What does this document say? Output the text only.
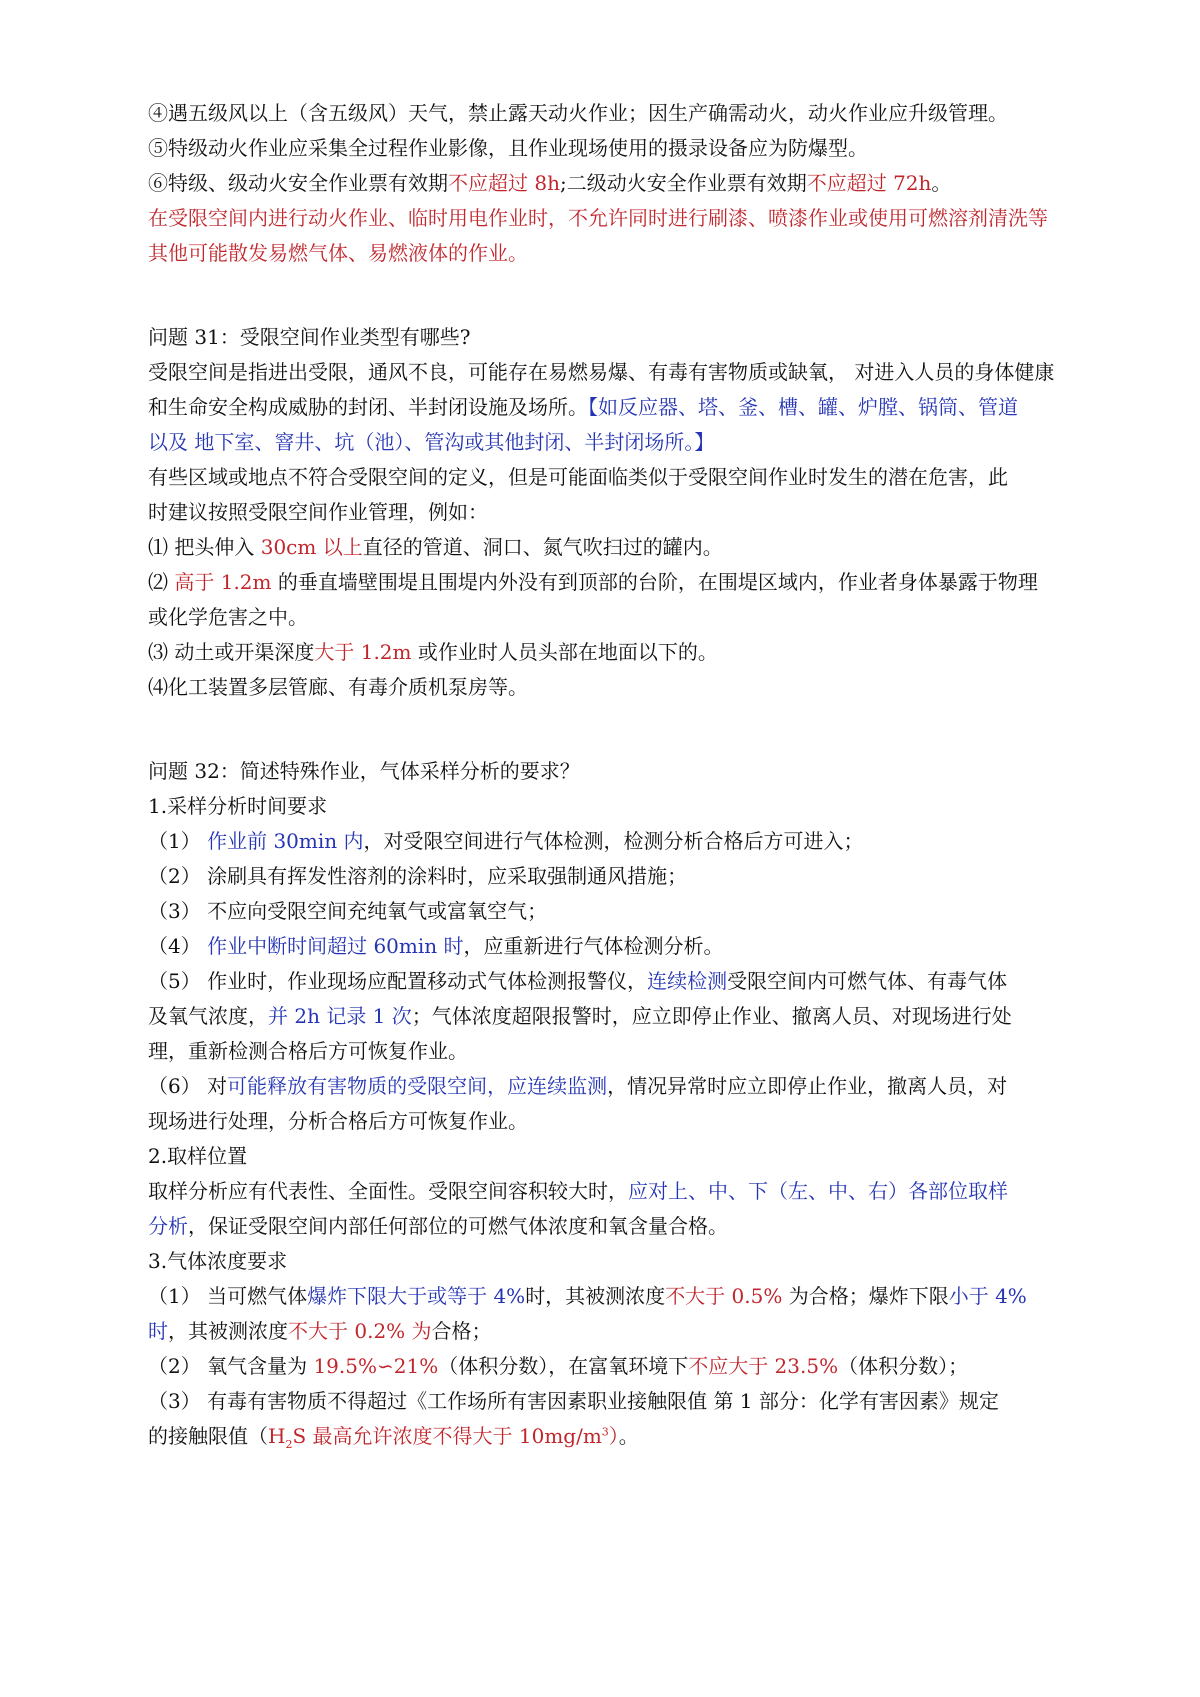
④遇五级风以上（含五级风）天气，禁止露天动火作业；因生产确需动火，动火作业应升级管理。
⑤特级动火作业应采集全过程作业影像，且作业现场使用的摄录设备应为防爆型。
⑥特级、级动火安全作业票有效期不应超过 8h;二级动火安全作业票有效期不应超过 72h。
在受限空间内进行动火作业、临时用电作业时，不允许同时进行刷漆、喷漆作业或使用可燃溶剂清洗等
其他可能散发易燃气体、易燃液体的作业。
问题 31：受限空间作业类型有哪些?
受限空间是指进出受限，通风不良，可能存在易燃易爆、有毒有害物质或缺氧， 对进入人员的身体健康
和生命安全构成威胁的封闭、半封闭设施及场所。【如反应器、塔、釜、槽、罐、炉膛、锅筒、管道
以及 地下室、窨井、坑（池）、管沟或其他封闭、半封闭场所。】
有些区域或地点不符合受限空间的定义，但是可能面临类似于受限空间作业时发生的潜在危害，此
时建议按照受限空间作业管理，例如：
⑴ 把头伸入 30cm 以上直径的管道、洞口、氮气吹扫过的罐内。
⑵ 高于 1.2m 的垂直墙壁围堤且围堤内外没有到顶部的台阶，在围堤区域内，作业者身体暴露于物理
或化学危害之中。
⑶ 动土或开渠深度大于 1.2m 或作业时人员头部在地面以下的。
⑷化工装置多层管廊、有毒介质机泵房等。
问题 32：简述特殊作业，气体采样分析的要求？
1.采样分析时间要求
（1） 作业前 30min 内，对受限空间进行气体检测，检测分析合格后方可进入；
（2） 涂刷具有挥发性溶剂的涂料时，应采取强制通风措施；
（3） 不应向受限空间充纯氧气或富氧空气；
（4） 作业中断时间超过 60min 时，应重新进行气体检测分析。
（5） 作业时，作业现场应配置移动式气体检测报警仪，连续检测受限空间内可燃气体、有毒气体
及氧气浓度，并 2h 记录 1 次；气体浓度超限报警时，应立即停止作业、撤离人员、对现场进行处
理，重新检测合格后方可恢复作业。
（6） 对可能释放有害物质的受限空间，应连续监测，情况异常时应立即停止作业，撤离人员，对
现场进行处理，分析合格后方可恢复作业。
2.取样位置
取样分析应有代表性、全面性。受限空间容积较大时，应对上、中、下（左、中、右）各部位取样
分析，保证受限空间内部任何部位的可燃气体浓度和氧含量合格。
3.气体浓度要求
（1） 当可燃气体爆炸下限大于或等于 4%时，其被测浓度不大于 0.5% 为合格；爆炸下限小于 4%
时，其被测浓度不大于 0.2% 为合格；
（2） 氧气含量为 19.5%∽21%（体积分数），在富氧环境下不应大于 23.5%（体积分数）；
（3） 有毒有害物质不得超过《工作场所有害因素职业接触限值 第 1 部分：化学有害因素》规定
的接触限值（$H_2S$ 最高允许浓度不得大于 $10mg/m^3$）。
